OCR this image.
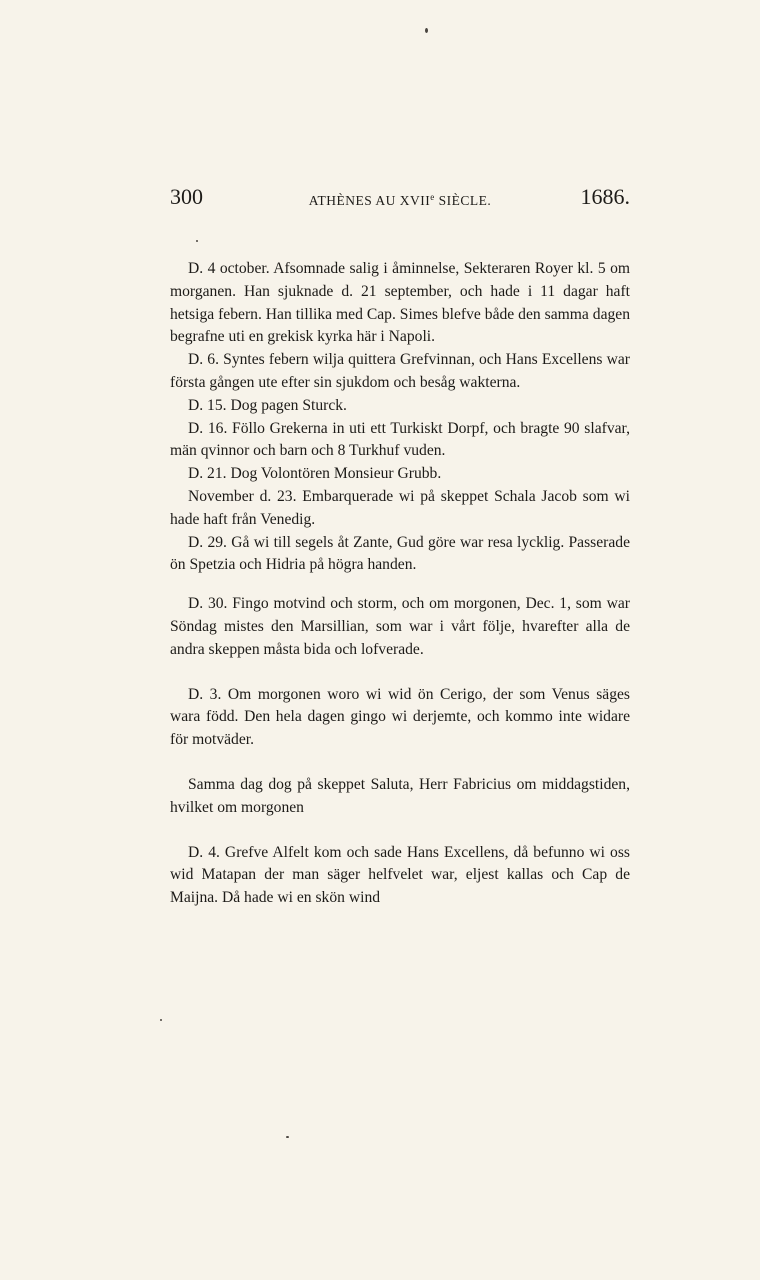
300	ATHÈNES AU XVIIe SIÈCLE.	1686.

D. 4 october. Afsomnade salig i åminnelse, Sekteraren Royer kl. 5 om morganen. Han sjuknade d. 21 september, och hade i 11 dagar haft hetsiga febern. Han tillika med Cap. Simes blefve både den samma dagen begrafne uti en grekisk kyrka här i Napoli.

D. 6. Syntes febern wilja quittera Grefvinnan, och Hans Excellens war första gången ute efter sin sjukdom och besåg wakterna.

D. 15. Dog pagen Sturck.

D. 16. Föllo Grekerna in uti ett Turkiskt Dorpf, och bragte 90 slafvar, män qvinnor och barn och 8 Turkhuf vuden.

D. 21. Dog Volontören Monsieur Grubb.

November d. 23. Embarquerade wi på skeppet Schala Jacob som wi hade haft från Venedig.

D. 29. Gå wi till segels åt Zante, Gud göre war resa lycklig. Passerade ön Spetzia och Hidria på högra handen.

D. 30. Fingo motvind och storm, och om morgonen, Dec. 1, som war Söndag mistes den Marsillian, som war i vårt följe, hvarefter alla de andra skeppen måsta bida och lofverade.

D. 3. Om morgonen woro wi wid ön Cerigo, der som Venus säges wara född. Den hela dagen gingo wi derjemte, och kommo inte widare för motväder.

Samma dag dog på skeppet Saluta, Herr Fabricius om middagstiden, hvilket om morgonen

D. 4. Grefve Alfelt kom och sade Hans Excellens, då befunno wi oss wid Matapan der man säger helfvelet war, eljest kallas och Cap de Maijna. Då hade wi en skön wind
